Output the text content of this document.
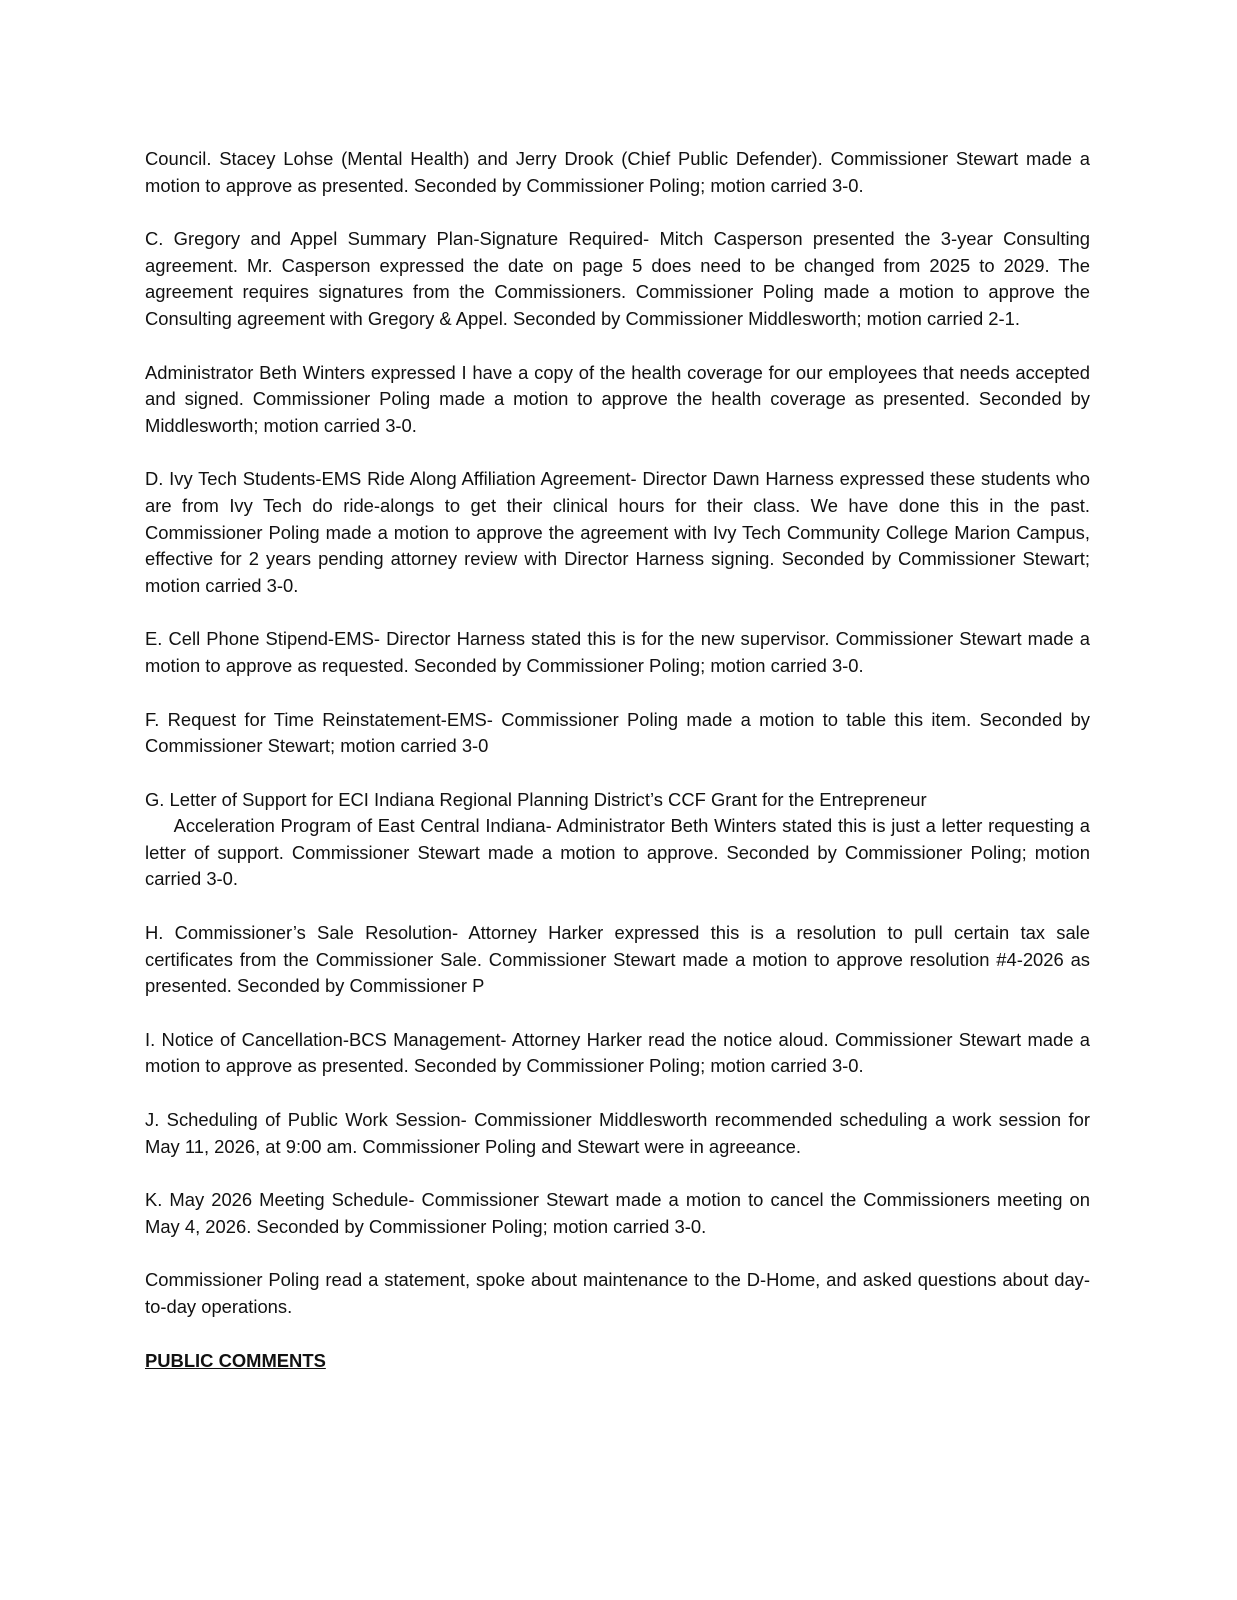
Council. Stacey Lohse (Mental Health) and Jerry Drook (Chief Public Defender). Commissioner Stewart made a motion to approve as presented. Seconded by Commissioner Poling; motion carried 3-0.

C. Gregory and Appel Summary Plan-Signature Required- Mitch Casperson presented the 3-year Consulting agreement. Mr. Casperson expressed the date on page 5 does need to be changed from 2025 to 2029. The agreement requires signatures from the Commissioners. Commissioner Poling made a motion to approve the Consulting agreement with Gregory & Appel. Seconded by Commissioner Middlesworth; motion carried 2-1.

Administrator Beth Winters expressed I have a copy of the health coverage for our employees that needs accepted and signed. Commissioner Poling made a motion to approve the health coverage as presented. Seconded by Middlesworth; motion carried 3-0.

D. Ivy Tech Students-EMS Ride Along Affiliation Agreement- Director Dawn Harness expressed these students who are from Ivy Tech do ride-alongs to get their clinical hours for their class. We have done this in the past. Commissioner Poling made a motion to approve the agreement with Ivy Tech Community College Marion Campus, effective for 2 years pending attorney review with Director Harness signing. Seconded by Commissioner Stewart; motion carried 3-0.

E. Cell Phone Stipend-EMS- Director Harness stated this is for the new supervisor. Commissioner Stewart made a motion to approve as requested. Seconded by Commissioner Poling; motion carried 3-0.

F. Request for Time Reinstatement-EMS- Commissioner Poling made a motion to table this item. Seconded by Commissioner Stewart; motion carried 3-0

G. Letter of Support for ECI Indiana Regional Planning District’s CCF Grant for the Entrepreneur
Acceleration Program of East Central Indiana- Administrator Beth Winters stated this is just a letter requesting a letter of support. Commissioner Stewart made a motion to approve. Seconded by Commissioner Poling; motion carried 3-0.

H. Commissioner’s Sale Resolution- Attorney Harker expressed this is a resolution to pull certain tax sale certificates from the Commissioner Sale. Commissioner Stewart made a motion to approve resolution #4-2026 as presented. Seconded by Commissioner P

I. Notice of Cancellation-BCS Management- Attorney Harker read the notice aloud. Commissioner Stewart made a motion to approve as presented. Seconded by Commissioner Poling; motion carried 3-0.

J. Scheduling of Public Work Session- Commissioner Middlesworth recommended scheduling a work session for May 11, 2026, at 9:00 am. Commissioner Poling and Stewart were in agreeance.

K. May 2026 Meeting Schedule- Commissioner Stewart made a motion to cancel the Commissioners meeting on May 4, 2026. Seconded by Commissioner Poling; motion carried 3-0.

Commissioner Poling read a statement, spoke about maintenance to the D-Home, and asked questions about day-to-day operations.

PUBLIC COMMENTS
